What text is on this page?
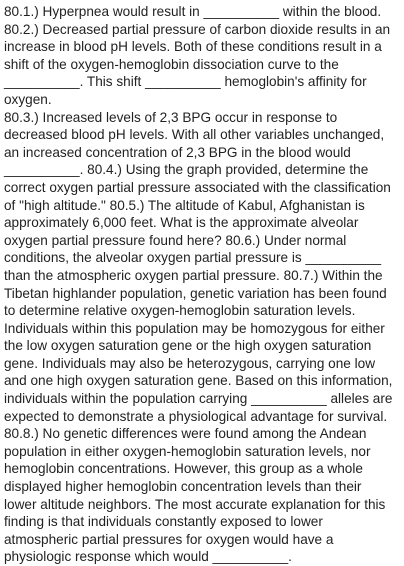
80.1.) Hyperpnea would result in __________ within the blood.
80.2.) Decreased partial pressure of carbon dioxide results in an
increase in blood pH levels. Both of these conditions result in a
shift of the oxygen-hemoglobin dissociation curve to the
__________. This shift __________ hemoglobin's affinity for oxygen.
80.3.) Increased levels of 2,3 BPG occur in response to
decreased blood pH levels. With all other variables unchanged,
an increased concentration of 2,3 BPG in the blood would
__________. 80.4.) Using the graph provided, determine the
correct oxygen partial pressure associated with the classification
of "high altitude." 80.5.) The altitude of Kabul, Afghanistan is
approximately 6,000 feet. What is the approximate alveolar
oxygen partial pressure found here? 80.6.) Under normal
conditions, the alveolar oxygen partial pressure is __________
than the atmospheric oxygen partial pressure. 80.7.) Within the
Tibetan highlander population, genetic variation has been found
to determine relative oxygen-hemoglobin saturation levels.
Individuals within this population may be homozygous for either
the low oxygen saturation gene or the high oxygen saturation
gene. Individuals may also be heterozygous, carrying one low
and one high oxygen saturation gene. Based on this information,
individuals within the population carrying __________ alleles are
expected to demonstrate a physiological advantage for survival.
80.8.) No genetic differences were found among the Andean
population in either oxygen-hemoglobin saturation levels, nor
hemoglobin concentrations. However, this group as a whole
displayed higher hemoglobin concentration levels than their
lower altitude neighbors. The most accurate explanation for this
finding is that individuals constantly exposed to lower
atmospheric partial pressures for oxygen would have a
physiologic response which would __________.
